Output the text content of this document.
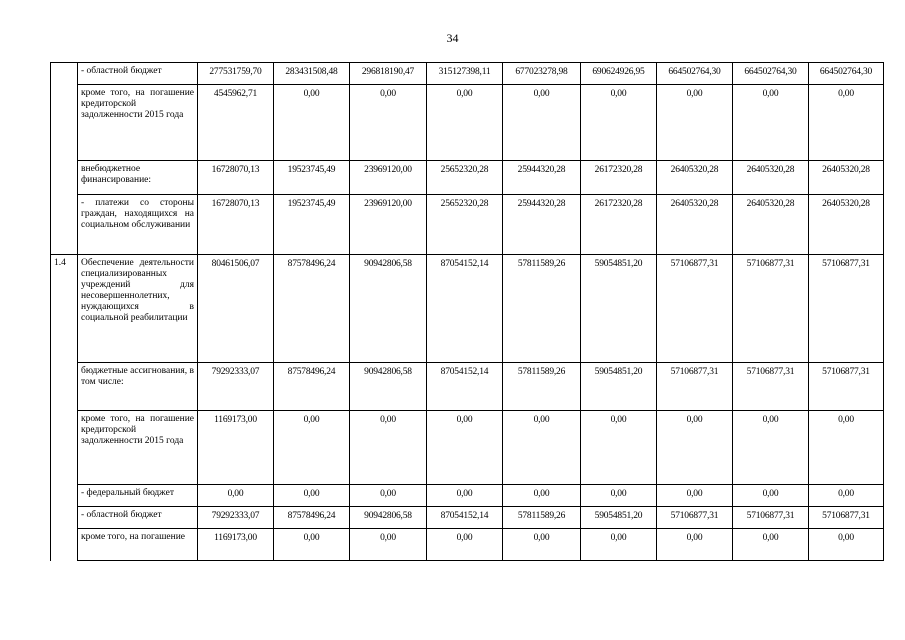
34
	- областной бюджет	277531759,70	283431508,48	296818190,47	315127398,11	677023278,98	690624926,95	664502764,30	664502764,30	664502764,30
	кроме того, на погашение кредиторской задолженности 2015 года	4545962,71	0,00	0,00	0,00	0,00	0,00	0,00	0,00	0,00
	внебюджетное финансирование:	16728070,13	19523745,49	23969120,00	25652320,28	25944320,28	26172320,28	26405320,28	26405320,28	26405320,28
	- платежи со стороны граждан, находящихся на социальном обслуживании	16728070,13	19523745,49	23969120,00	25652320,28	25944320,28	26172320,28	26405320,28	26405320,28	26405320,28
1.4	Обеспечение деятельности специализированных учреждений для несовершеннолетних, нуждающихся в социальной реабилитации	80461506,07	87578496,24	90942806,58	87054152,14	57811589,26	59054851,20	57106877,31	57106877,31	57106877,31
	бюджетные ассигнования, в том числе:	79292333,07	87578496,24	90942806,58	87054152,14	57811589,26	59054851,20	57106877,31	57106877,31	57106877,31
	кроме того, на погашение кредиторской задолженности 2015 года	1169173,00	0,00	0,00	0,00	0,00	0,00	0,00	0,00	0,00
	- федеральный бюджет	0,00	0,00	0,00	0,00	0,00	0,00	0,00	0,00	0,00
	- областной бюджет	79292333,07	87578496,24	90942806,58	87054152,14	57811589,26	59054851,20	57106877,31	57106877,31	57106877,31
	кроме того, на погашение	1169173,00	0,00	0,00	0,00	0,00	0,00	0,00	0,00	0,00
